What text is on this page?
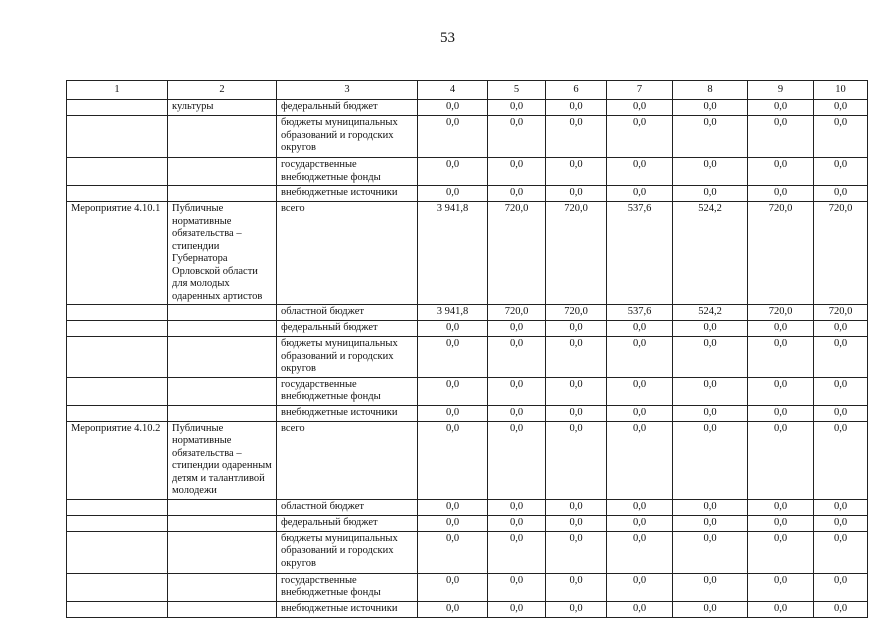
53
1	2	3	4	5	6	7	8	9	10
	культуры	федеральный бюджет	0,0	0,0	0,0	0,0	0,0	0,0	0,0
		бюджеты муниципальных образований и городских округов	0,0	0,0	0,0	0,0	0,0	0,0	0,0
		государственные внебюджетные фонды	0,0	0,0	0,0	0,0	0,0	0,0	0,0
		внебюджетные источники	0,0	0,0	0,0	0,0	0,0	0,0	0,0
Мероприятие 4.10.1	Публичные нормативные обязательства – стипендии Губернатора Орловской области для молодых одаренных артистов	всего	3 941,8	720,0	720,0	537,6	524,2	720,0	720,0
		областной бюджет	3 941,8	720,0	720,0	537,6	524,2	720,0	720,0
		федеральный бюджет	0,0	0,0	0,0	0,0	0,0	0,0	0,0
		бюджеты муниципальных образований и городских округов	0,0	0,0	0,0	0,0	0,0	0,0	0,0
		государственные внебюджетные фонды	0,0	0,0	0,0	0,0	0,0	0,0	0,0
		внебюджетные источники	0,0	0,0	0,0	0,0	0,0	0,0	0,0
Мероприятие 4.10.2	Публичные нормативные обязательства – стипендии одаренным детям и талантливой молодежи	всего	0,0	0,0	0,0	0,0	0,0	0,0	0,0
		областной бюджет	0,0	0,0	0,0	0,0	0,0	0,0	0,0
		федеральный бюджет	0,0	0,0	0,0	0,0	0,0	0,0	0,0
		бюджеты муниципальных образований и городских округов	0,0	0,0	0,0	0,0	0,0	0,0	0,0
		государственные внебюджетные фонды	0,0	0,0	0,0	0,0	0,0	0,0	0,0
		внебюджетные источники	0,0	0,0	0,0	0,0	0,0	0,0	0,0
